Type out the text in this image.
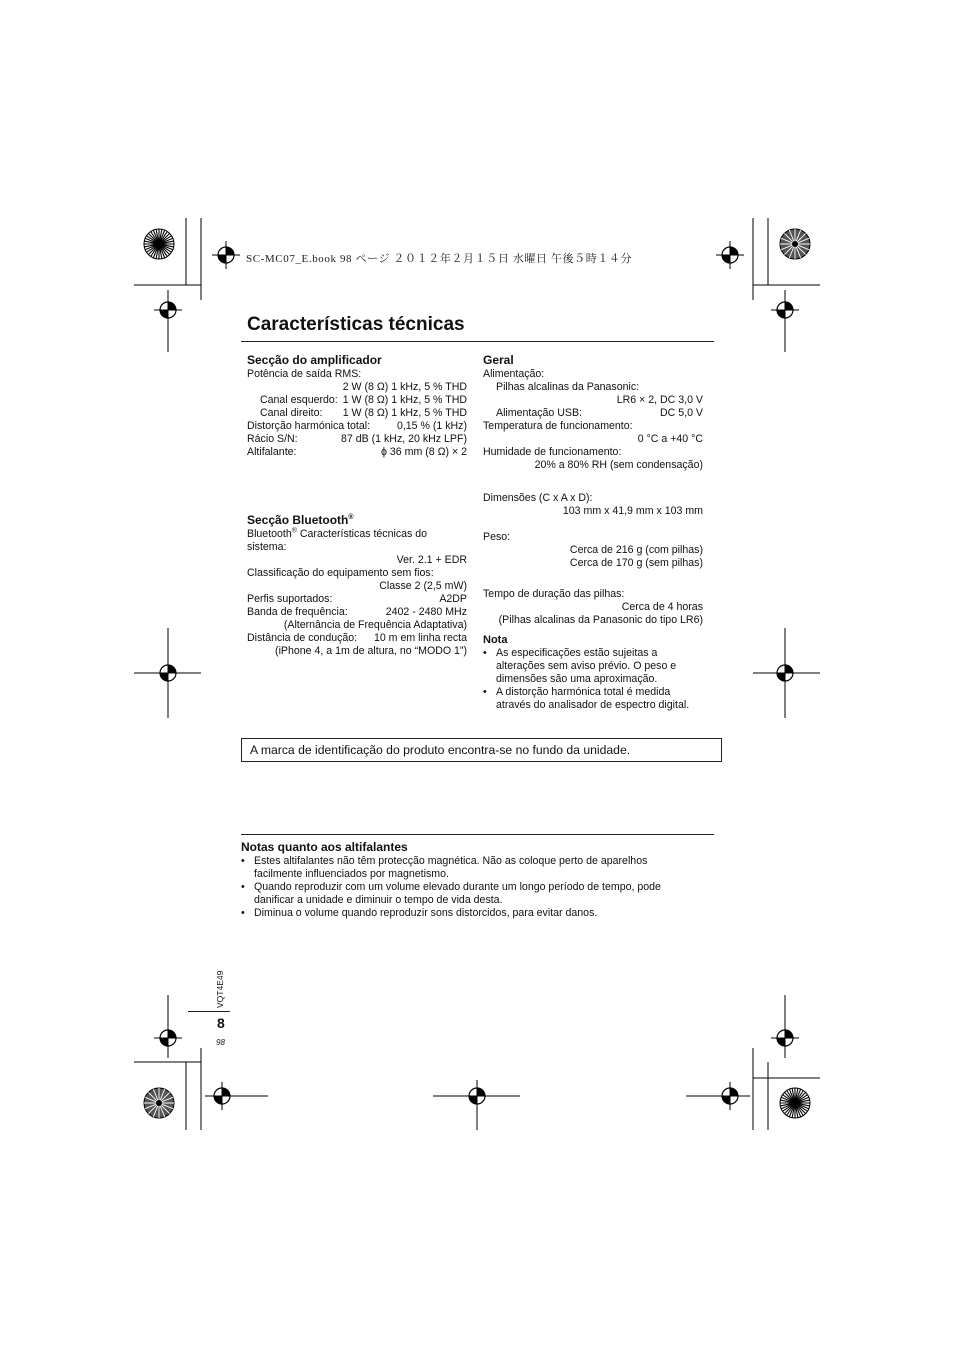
SC-MC07_E.book 98 ページ ２０１２年２月１５日 水曜日 午後５時１４分
Características técnicas
Secção do amplificador
Potência de saída RMS:
2 W (8 Ω) 1 kHz, 5 % THD
Canal esquerdo: 1 W (8 Ω) 1 kHz, 5 % THD
Canal direito: 1 W (8 Ω) 1 kHz, 5 % THD
Distorção harmónica total:	0,15 % (1 kHz)
Rácio S/N:	87 dB (1 kHz, 20 kHz LPF)
Altifalante:	ϕ 36 mm (8 Ω) × 2
Secção Bluetooth®
Bluetooth® Características técnicas do
sistema:
Ver. 2.1 + EDR
Classificação do equipamento sem fios:
Classe 2 (2,5 mW)
Perfis suportados:	A2DP
Banda de frequência:	2402 - 2480 MHz
(Alternância de Frequência Adaptativa)
Distância de condução: 10 m em linha recta
(iPhone 4, a 1m de altura, no “MODO 1”)
Geral
Alimentação:
Pilhas alcalinas da Panasonic:
LR6 × 2, DC 3,0 V
Alimentação USB:	DC 5,0 V
Temperatura de funcionamento:
0 °C a +40 °C
Humidade de funcionamento:
20% a 80% RH (sem condensação)
Dimensões (C x A x D):
103 mm x 41,9 mm x 103 mm
Peso:
Cerca de 216 g (com pilhas)
Cerca de 170 g (sem pilhas)
Tempo de duração das pilhas:
Cerca de 4 horas
(Pilhas alcalinas da Panasonic do tipo LR6)
Nota
• As especificações estão sujeitas a alterações sem aviso prévio. O peso e dimensões são uma aproximação.
• A distorção harmónica total é medida através do analisador de espectro digital.
A marca de identificação do produto encontra-se no fundo da unidade.
Notas quanto aos altifalantes
• Estes altifalantes não têm protecção magnética. Não as coloque perto de aparelhos facilmente influenciados por magnetismo.
• Quando reproduzir com um volume elevado durante um longo período de tempo, pode danificar a unidade e diminuir o tempo de vida desta.
• Diminua o volume quando reproduzir sons distorcidos, para evitar danos.
VQT4E49
8
98
